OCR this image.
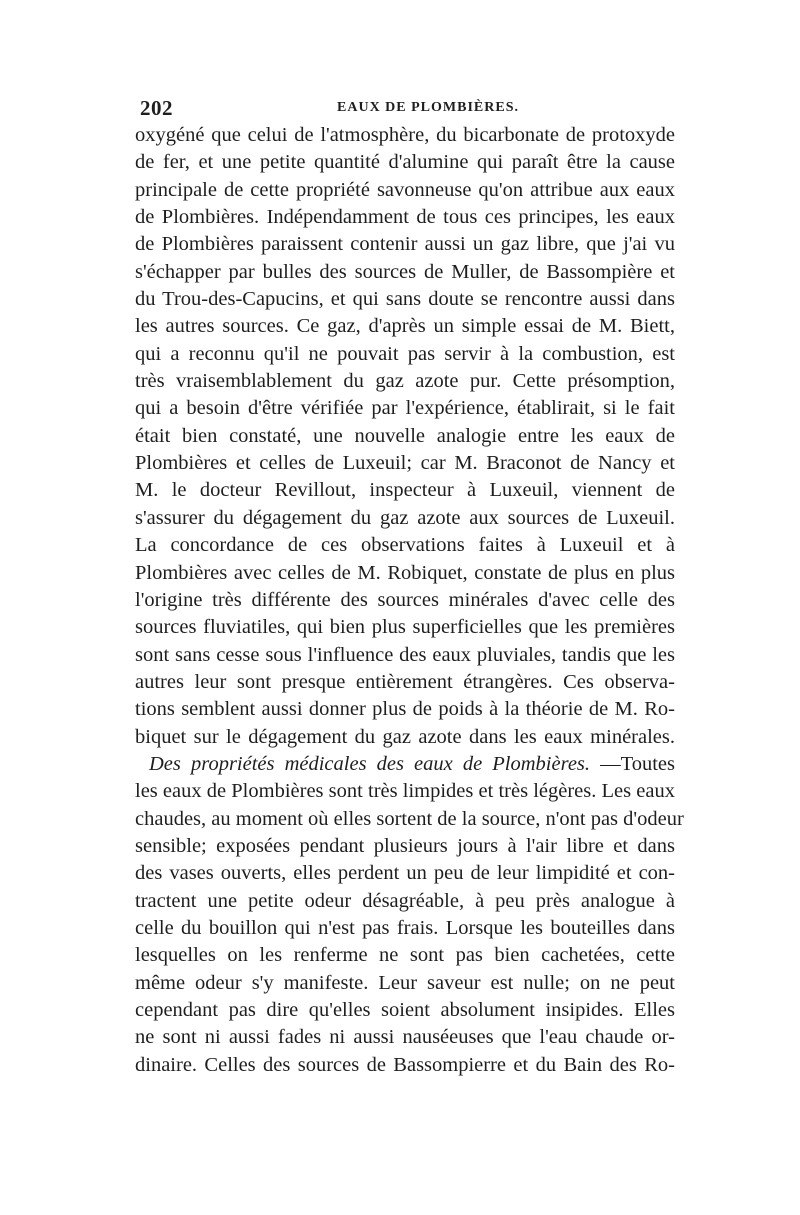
202	EAUX DE PLOMBIÈRES.
oxygéné que celui de l'atmosphère, du bicarbonate de protoxyde
de fer, et une petite quantité d'alumine qui paraît être la cause
principale de cette propriété savonneuse qu'on attribue aux eaux
de Plombières. Indépendamment de tous ces principes, les eaux
de Plombières paraissent contenir aussi un gaz libre, que j'ai vu
s'échapper par bulles des sources de Muller, de Bassompière et
du Trou-des-Capucins, et qui sans doute se rencontre aussi dans
les autres sources. Ce gaz, d'après un simple essai de M. Biett,
qui a reconnu qu'il ne pouvait pas servir à la combustion, est
très vraisemblablement du gaz azote pur. Cette présomption,
qui a besoin d'être vérifiée par l'expérience, établirait, si le fait
était bien constaté, une nouvelle analogie entre les eaux de
Plombières et celles de Luxeuil; car M. Braconot de Nancy et
M. le docteur Revillout, inspecteur à Luxeuil, viennent de
s'assurer du dégagement du gaz azote aux sources de Luxeuil.
La concordance de ces observations faites à Luxeuil et à
Plombières avec celles de M. Robiquet, constate de plus en plus
l'origine très différente des sources minérales d'avec celle des
sources fluviatiles, qui bien plus superficielles que les premières
sont sans cesse sous l'influence des eaux pluviales, tandis que les
autres leur sont presque entièrement étrangères. Ces observa-
tions semblent aussi donner plus de poids à la théorie de M. Ro-
biquet sur le dégagement du gaz azote dans les eaux minérales.
Des propriétés médicales des eaux de Plombières. —Toutes
les eaux de Plombières sont très limpides et très légères. Les eaux
chaudes, au moment où elles sortent de la source, n'ont pas d'odeur
sensible; exposées pendant plusieurs jours à l'air libre et dans
des vases ouverts, elles perdent un peu de leur limpidité et con-
tractent une petite odeur désagréable, à peu près analogue à
celle du bouillon qui n'est pas frais. Lorsque les bouteilles dans
lesquelles on les renferme ne sont pas bien cachetées, cette
même odeur s'y manifeste. Leur saveur est nulle; on ne peut
cependant pas dire qu'elles soient absolument insipides. Elles
ne sont ni aussi fades ni aussi nauséeuses que l'eau chaude or-
dinaire. Celles des sources de Bassompierre et du Bain des Ro-
